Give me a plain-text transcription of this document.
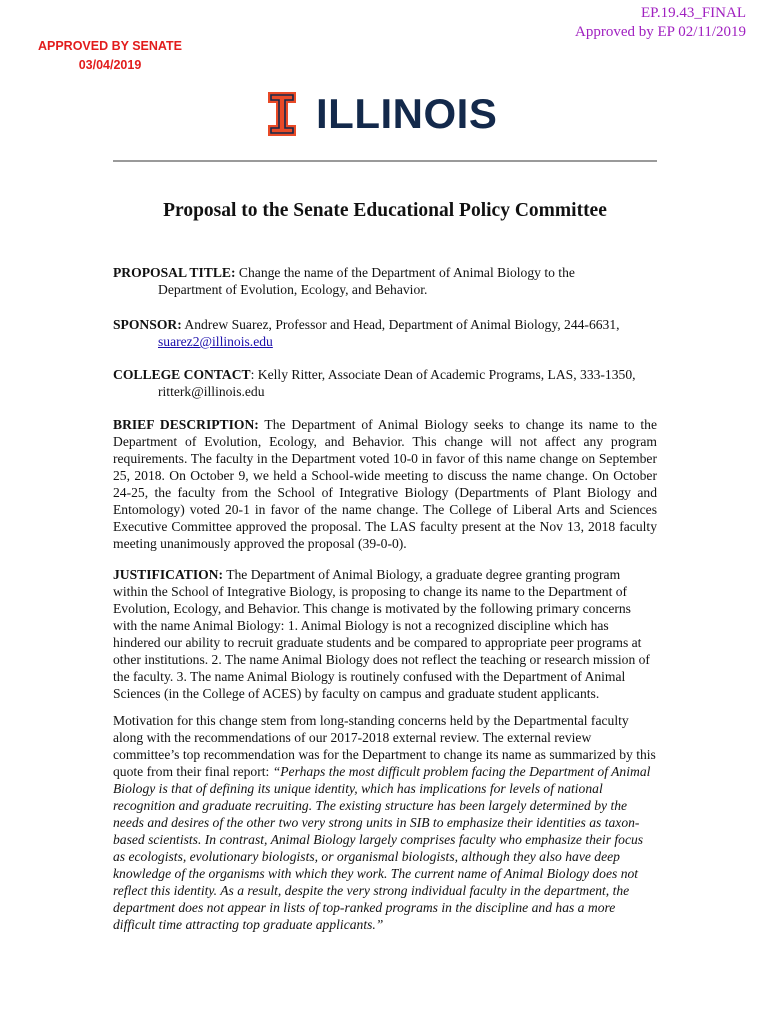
APPROVED BY SENATE
03/04/2019
EP.19.43_FINAL
Approved by EP 02/11/2019
ILLINOIS
Proposal to the Senate Educational Policy Committee
PROPOSAL TITLE: Change the name of the Department of Animal Biology to the
Department of Evolution, Ecology, and Behavior.
SPONSOR: Andrew Suarez, Professor and Head, Department of Animal Biology, 244-6631,
suarez2@illinois.edu
COLLEGE CONTACT: Kelly Ritter, Associate Dean of Academic Programs, LAS, 333-1350,
ritterk@illinois.edu
BRIEF DESCRIPTION: The Department of Animal Biology seeks to change its name to the Department of Evolution, Ecology, and Behavior. This change will not affect any program requirements. The faculty in the Department voted 10-0 in favor of this name change on September 25, 2018. On October 9, we held a School-wide meeting to discuss the name change. On October 24-25, the faculty from the School of Integrative Biology (Departments of Plant Biology and Entomology) voted 20-1 in favor of the name change. The College of Liberal Arts and Sciences Executive Committee approved the proposal. The LAS faculty present at the Nov 13, 2018 faculty meeting unanimously approved the proposal (39-0-0).
JUSTIFICATION: The Department of Animal Biology, a graduate degree granting program within the School of Integrative Biology, is proposing to change its name to the Department of Evolution, Ecology, and Behavior. This change is motivated by the following primary concerns with the name Animal Biology: 1. Animal Biology is not a recognized discipline which has hindered our ability to recruit graduate students and be compared to appropriate peer programs at other institutions. 2. The name Animal Biology does not reflect the teaching or research mission of the faculty. 3. The name Animal Biology is routinely confused with the Department of Animal Sciences (in the College of ACES) by faculty on campus and graduate student applicants.
Motivation for this change stem from long-standing concerns held by the Departmental faculty along with the recommendations of our 2017-2018 external review. The external review committee’s top recommendation was for the Department to change its name as summarized by this quote from their final report: “Perhaps the most difficult problem facing the Department of Animal Biology is that of defining its unique identity, which has implications for levels of national recognition and graduate recruiting. The existing structure has been largely determined by the needs and desires of the other two very strong units in SIB to emphasize their identities as taxon-based scientists. In contrast, Animal Biology largely comprises faculty who emphasize their focus as ecologists, evolutionary biologists, or organismal biologists, although they also have deep knowledge of the organisms with which they work. The current name of Animal Biology does not reflect this identity. As a result, despite the very strong individual faculty in the department, the department does not appear in lists of top-ranked programs in the discipline and has a more difficult time attracting top graduate applicants.”
